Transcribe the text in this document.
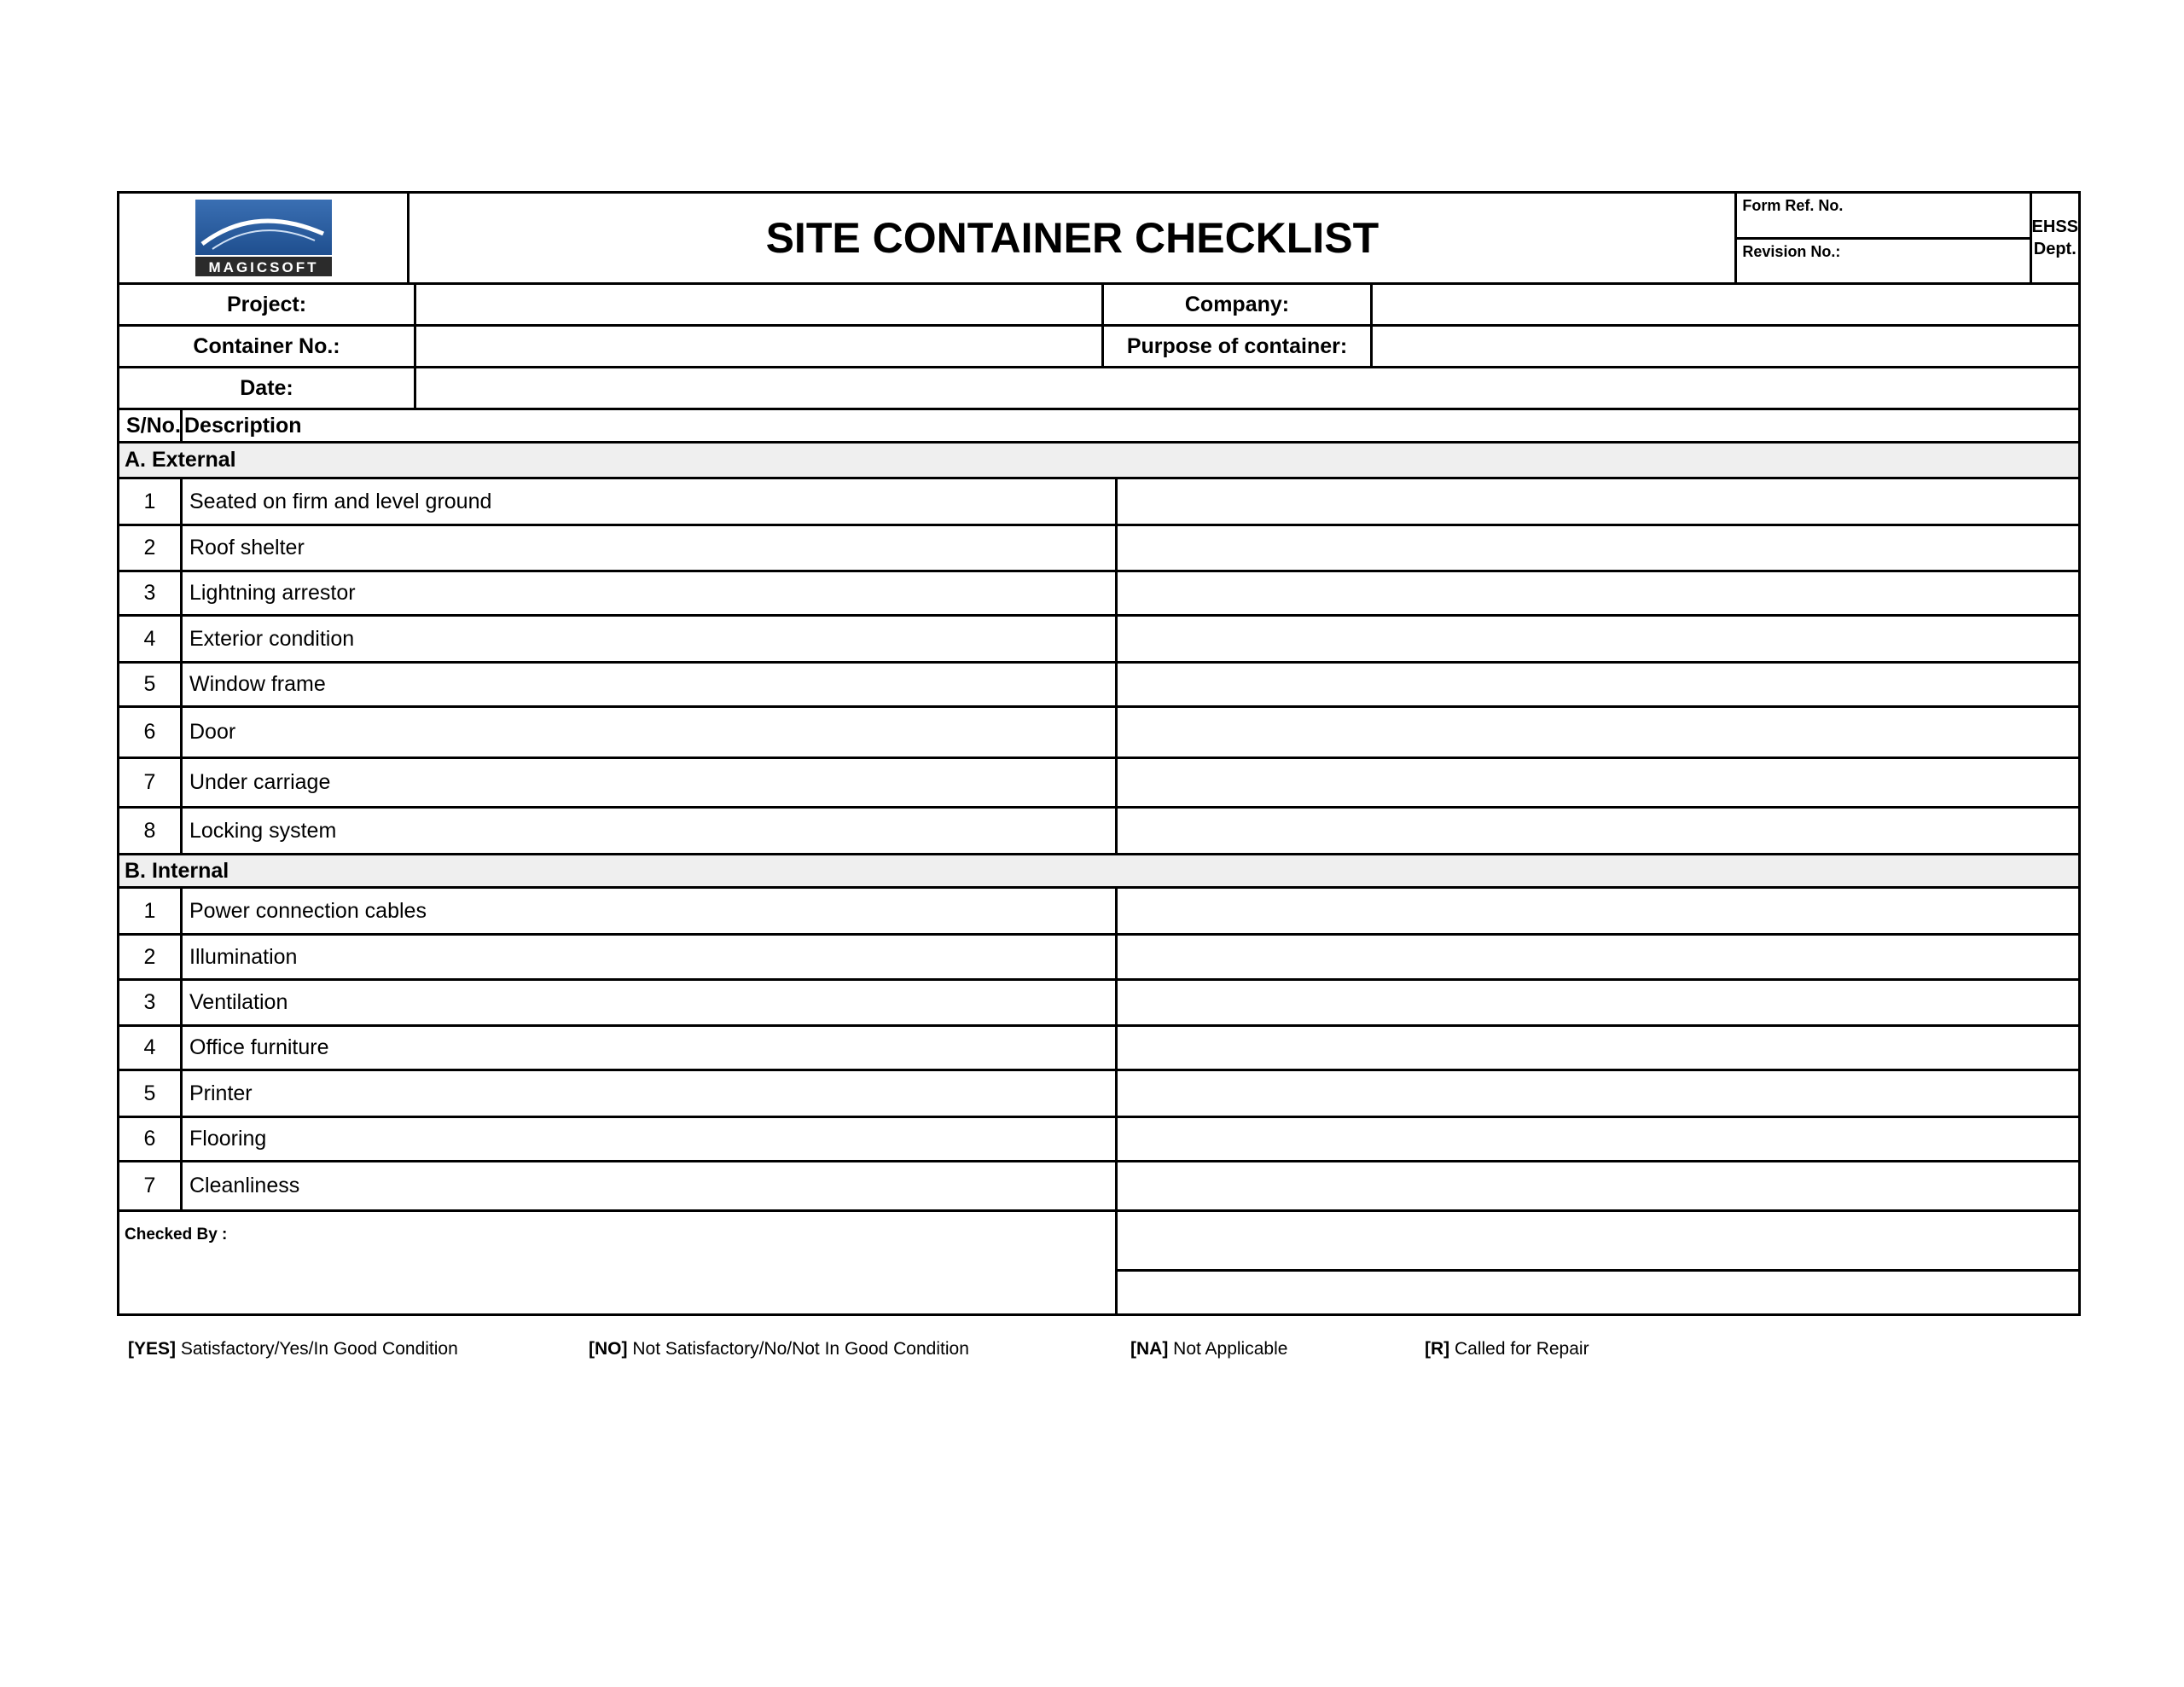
MAGICSOFT
SITE CONTAINER CHECKLIST
Form Ref. No.
Revision No.:
EHSS
Dept.
Project:	Company:
Container No.:	Purpose of container:
Date:
S/No. Description
A. External
1	Seated on firm and level ground
2	Roof shelter
3	Lightning arrestor
4	Exterior condition
5	Window frame
6	Door
7	Under carriage
8	Locking system
B. Internal
1	Power connection cables
2	Illumination
3	Ventilation
4	Office furniture
5	Printer
6	Flooring
7	Cleanliness
Checked By :
[YES] Satisfactory/Yes/In Good Condition	[NO] Not Satisfactory/No/Not In Good Condition	[NA] Not Applicable	[R] Called for Repair
